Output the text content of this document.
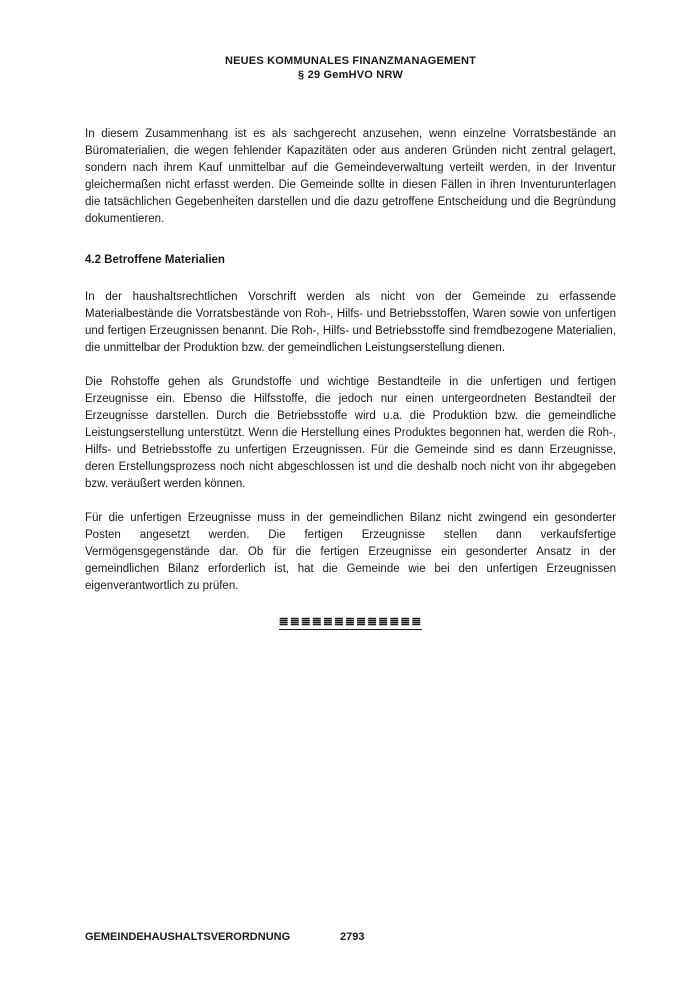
NEUES KOMMUNALES FINANZMANAGEMENT
§ 29 GemHVO NRW

In diesem Zusammenhang ist es als sachgerecht anzusehen, wenn einzelne Vorratsbestände an Büromaterialien, die wegen fehlender Kapazitäten oder aus anderen Gründen nicht zentral gelagert, sondern nach ihrem Kauf unmittelbar auf die Gemeindeverwaltung verteilt werden, in der Inventur gleichermaßen nicht erfasst werden. Die Gemeinde sollte in diesen Fällen in ihren Inventurunterlagen die tatsächlichen Gegebenheiten darstellen und die dazu getroffene Entscheidung und die Begründung dokumentieren.

4.2 Betroffene Materialien

In der haushaltsrechtlichen Vorschrift werden als nicht von der Gemeinde zu erfassende Materialbestände die Vorratsbestände von Roh-, Hilfs- und Betriebsstoffen, Waren sowie von unfertigen und fertigen Erzeugnissen benannt. Die Roh-, Hilfs- und Betriebsstoffe sind fremdbezogene Materialien, die unmittelbar der Produktion bzw. der gemeindlichen Leistungserstellung dienen.

Die Rohstoffe gehen als Grundstoffe und wichtige Bestandteile in die unfertigen und fertigen Erzeugnisse ein. Ebenso die Hilfsstoffe, die jedoch nur einen untergeordneten Bestandteil der Erzeugnisse darstellen. Durch die Betriebsstoffe wird u.a. die Produktion bzw. die gemeindliche Leistungserstellung unterstützt. Wenn die Herstellung eines Produktes begonnen hat, werden die Roh-, Hilfs- und Betriebsstoffe zu unfertigen Erzeugnissen. Für die Gemeinde sind es dann Erzeugnisse, deren Erstellungsprozess noch nicht abgeschlossen ist und die deshalb noch nicht von ihr abgegeben bzw. veräußert werden können.

Für die unfertigen Erzeugnisse muss in der gemeindlichen Bilanz nicht zwingend ein gesonderter Posten angesetzt werden. Die fertigen Erzeugnisse stellen dann verkaufsfertige Vermögensgegenstände dar. Ob für die fertigen Erzeugnisse ein gesonderter Ansatz in der gemeindlichen Bilanz erforderlich ist, hat die Gemeinde wie bei den unfertigen Erzeugnissen eigenverantwortlich zu prüfen.

≣≣≣≣≣≣≣≣≣≣≣≣≣
GEMEINDEHAUSHALTSVERORDNUNG	2793
